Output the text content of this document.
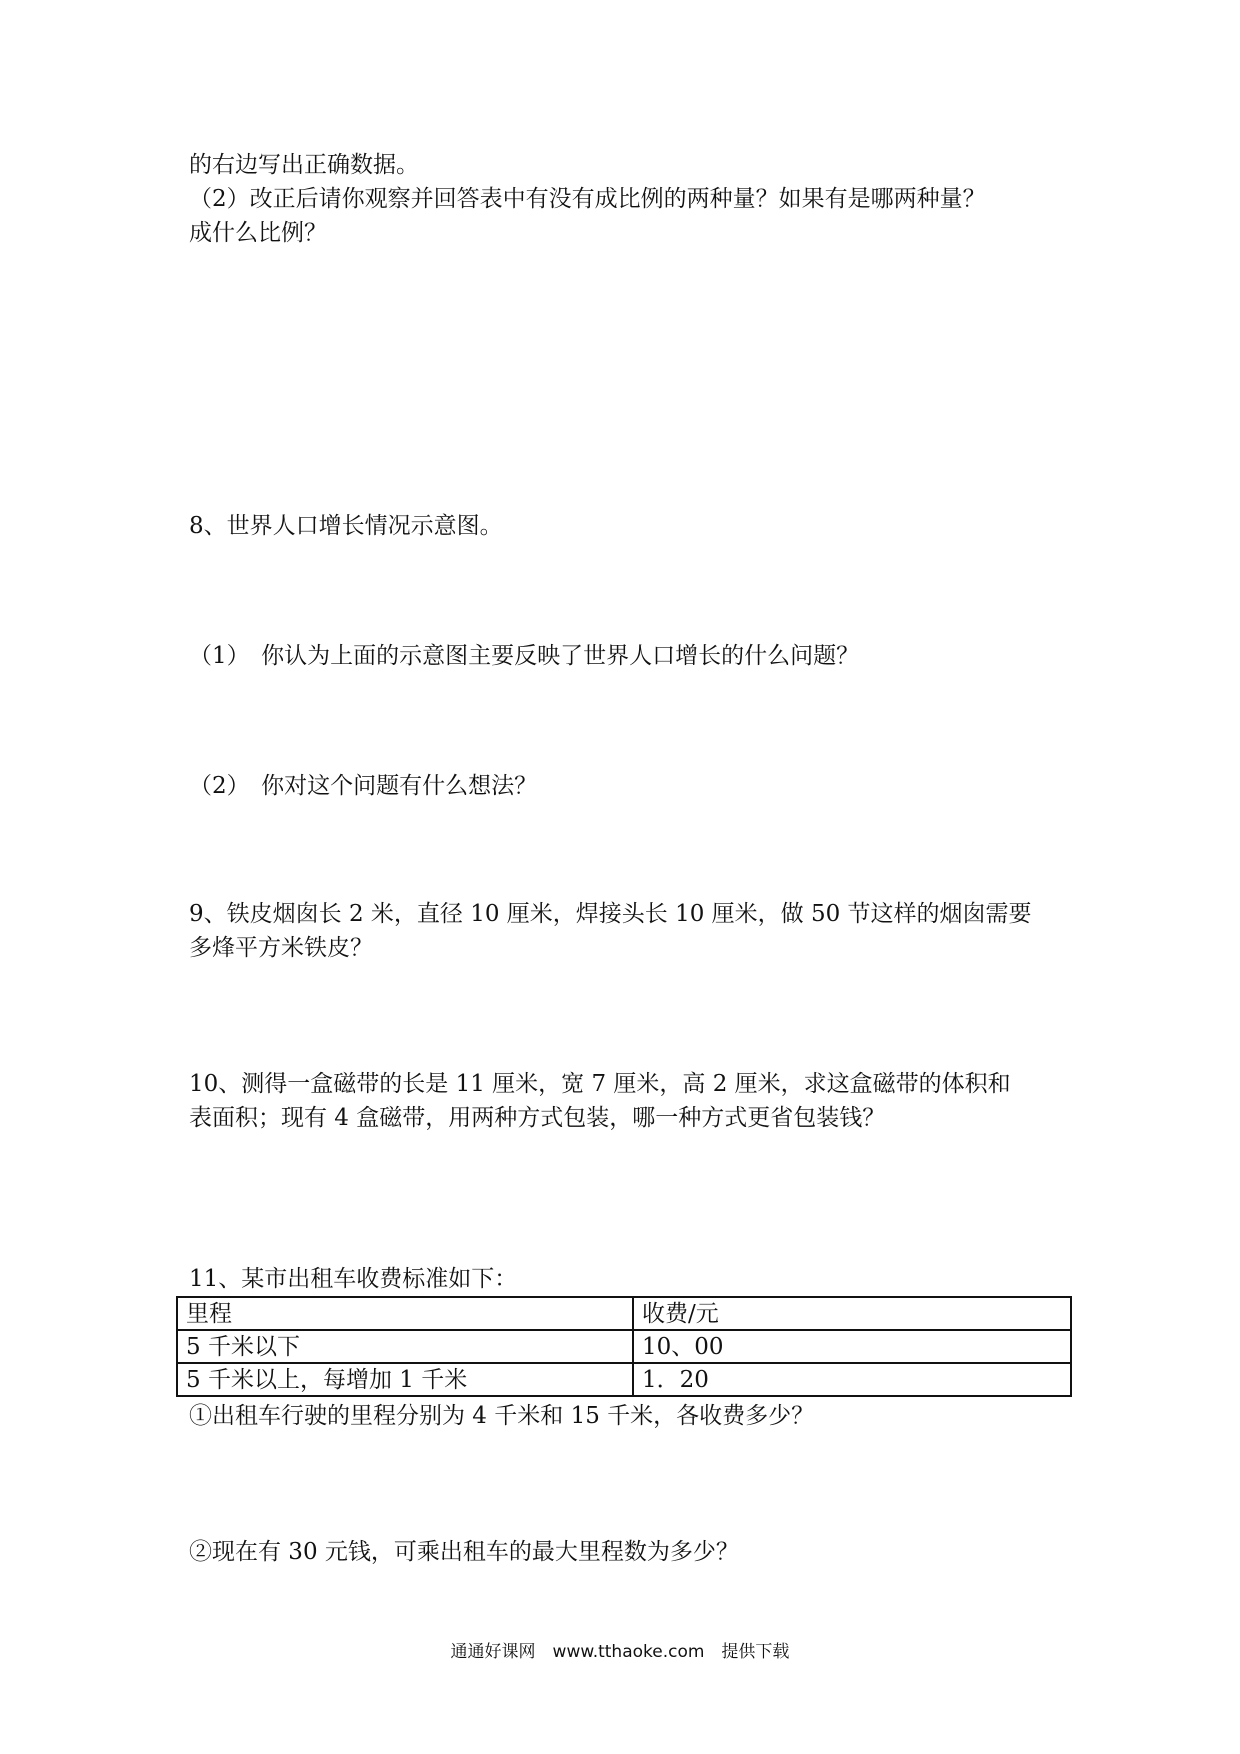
的右边写出正确数据。
（2）改正后请你观察并回答表中有没有成比例的两种量？如果有是哪两种量？
成什么比例？
8、世界人口增长情况示意图。
（1）　你认为上面的示意图主要反映了世界人口增长的什么问题？
（2）　你对这个问题有什么想法？
9、铁皮烟囱长 2 米，直径 10 厘米，焊接头长 10 厘米，做 50 节这样的烟囱需要
多烽平方米铁皮？
10、测得一盒磁带的长是 11 厘米，宽 7 厘米，高 2 厘米，求这盒磁带的体积和
表面积；现有 4 盒磁带，用两种方式包装，哪一种方式更省包装钱？
11、某市出租车收费标准如下：
里程	收费/元
5 千米以下	10、00
5 千米以上，每增加 1 千米	1．20
①出租车行驶的里程分别为 4 千米和 15 千米，各收费多少？
②现在有 30 元钱，可乘出租车的最大里程数为多少？
通通好课网　www.tthaoke.com　提供下载
